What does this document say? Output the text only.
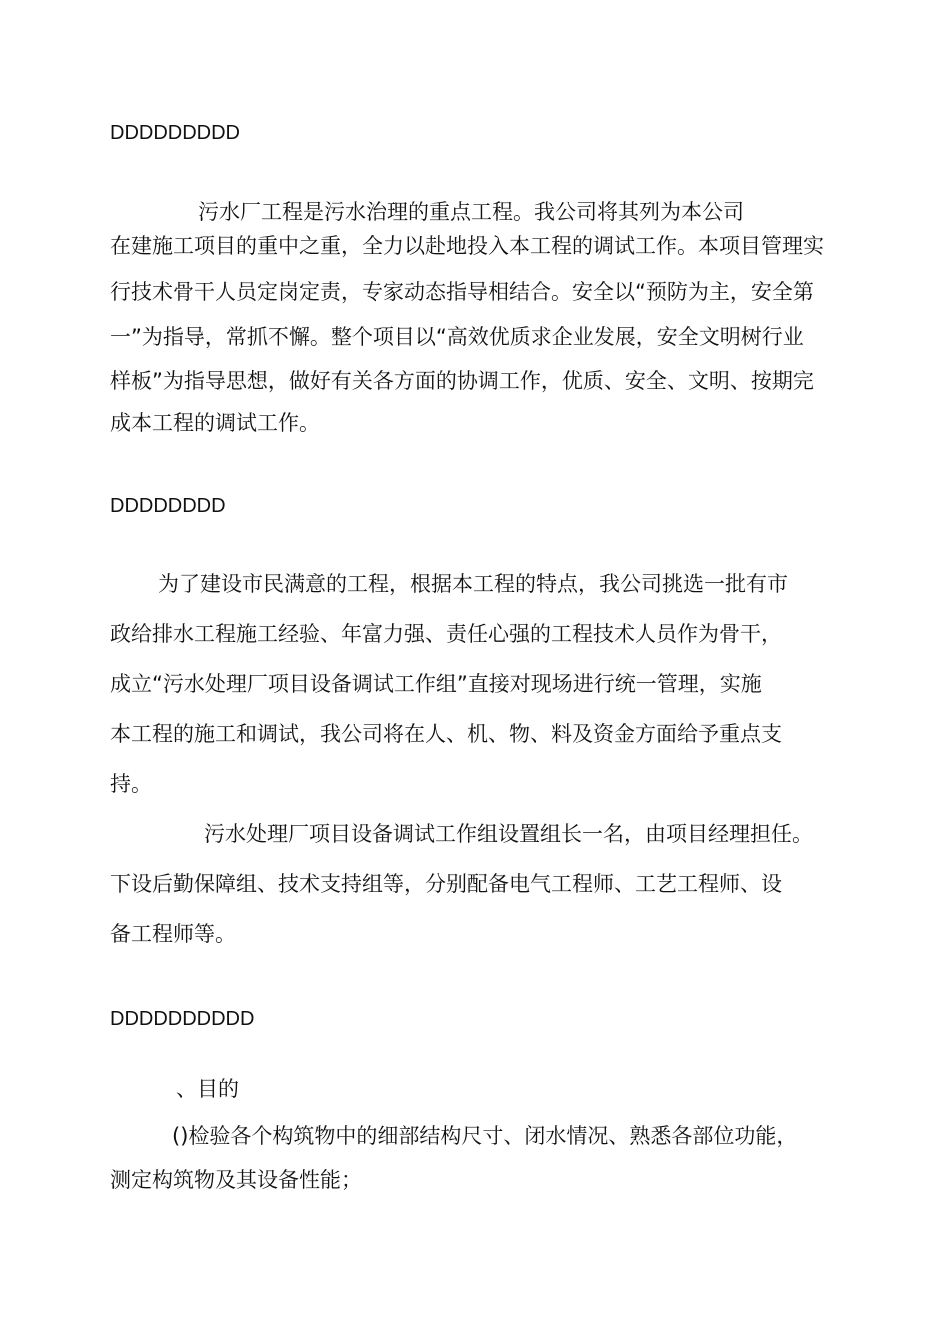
DDDDDDDDD
污水厂工程是污水治理的重点工程。我公司将其列为本公司
在建施工项目的重中之重，全力以赴地投入本工程的调试工作。本项目管理实
行技术骨干人员定岗定责，专家动态指导相结合。安全以“预防为主，安全第
一”为指导，常抓不懈。整个项目以“高效优质求企业发展，安全文明树行业
样板”为指导思想，做好有关各方面的协调工作，优质、安全、文明、按期完
成本工程的调试工作。
DDDDDDDD
为了建设市民满意的工程，根据本工程的特点，我公司挑选一批有市
政给排水工程施工经验、年富力强、责任心强的工程技术人员作为骨干，
成立“污水处理厂项目设备调试工作组”直接对现场进行统一管理，实施
本工程的施工和调试，我公司将在人、机、物、料及资金方面给予重点支
持。
污水处理厂项目设备调试工作组设置组长一名，由项目经理担任。
下设后勤保障组、技术支持组等，分别配备电气工程师、工艺工程师、设
备工程师等。
DDDDDDDDDD
、目的
()检验各个构筑物中的细部结构尺寸、闭水情况、熟悉各部位功能，
测定构筑物及其设备性能；
